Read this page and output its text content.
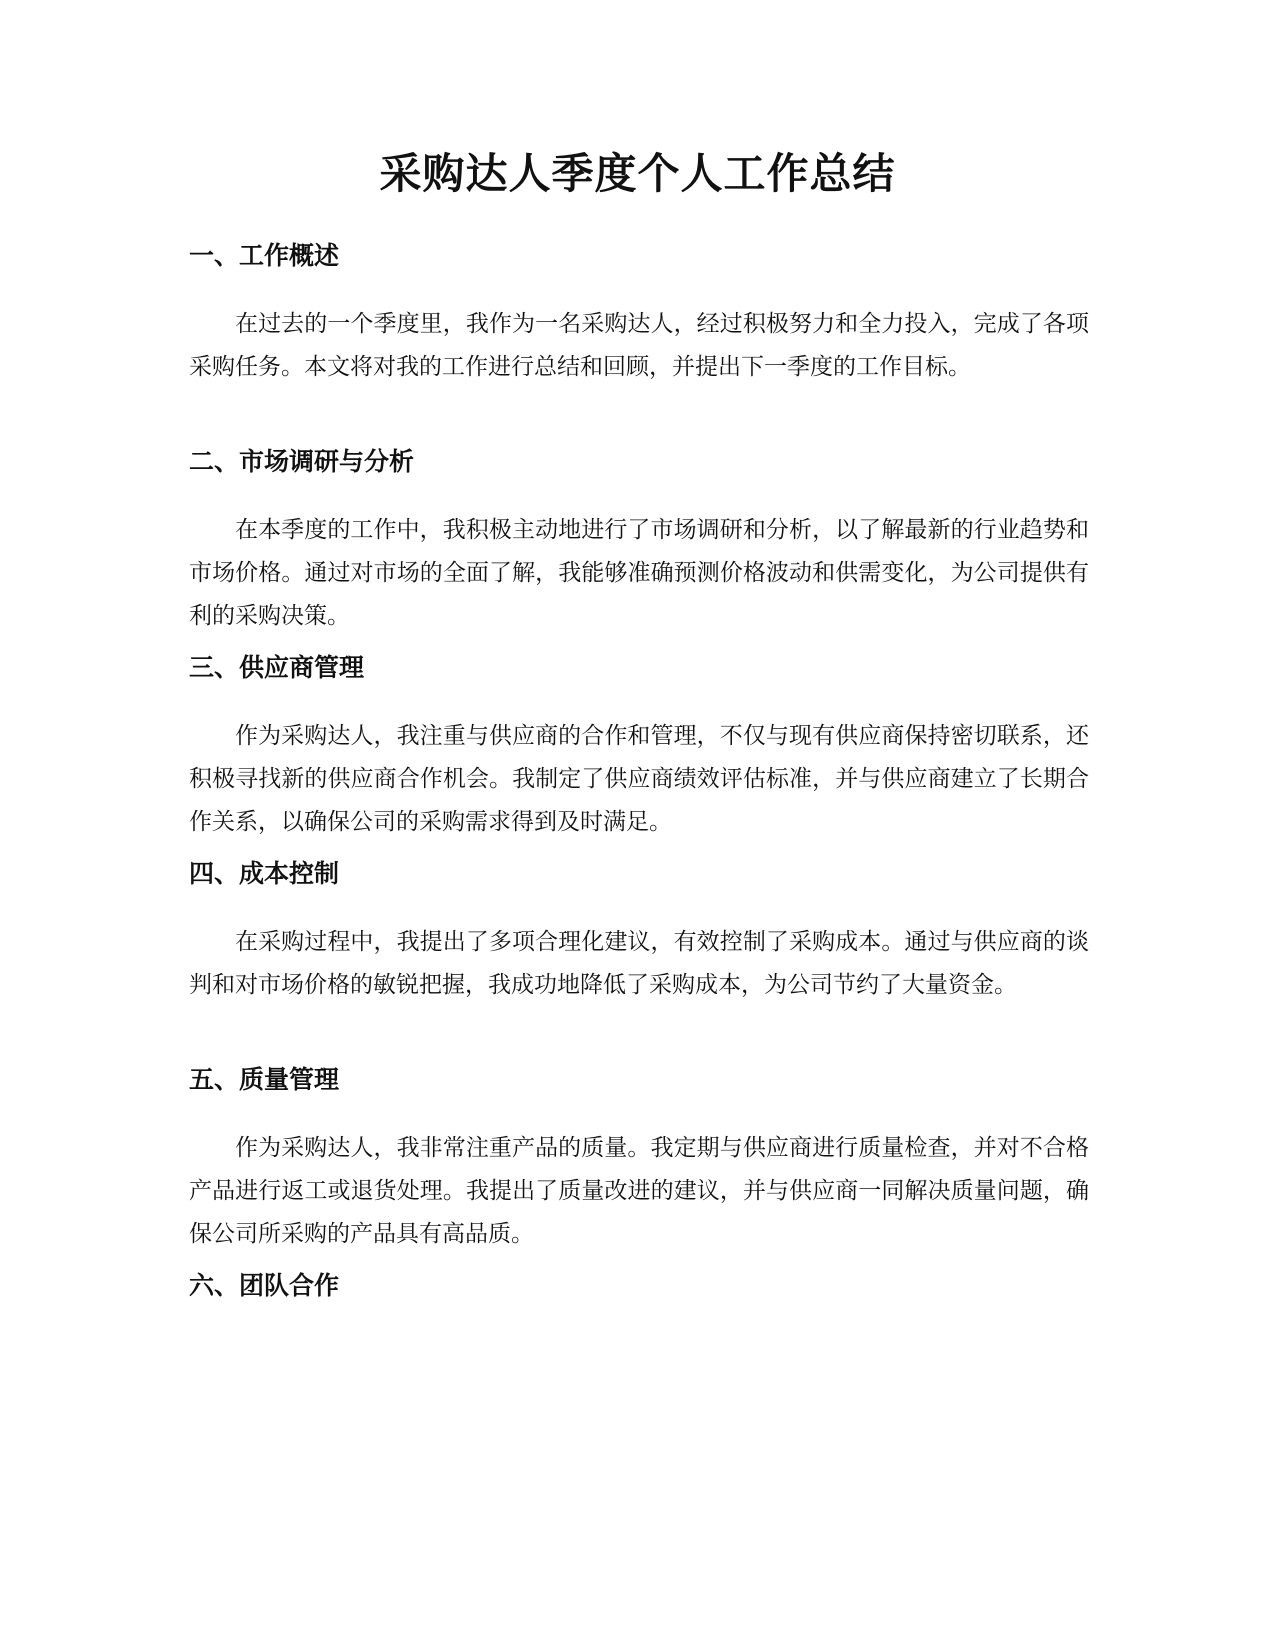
采购达人季度个人工作总结
一、工作概述

在过去的一个季度里，我作为一名采购达人，经过积极努力和全力投入，完成了各项采购任务。本文将对我的工作进行总结和回顾，并提出下一季度的工作目标。

二、市场调研与分析

在本季度的工作中，我积极主动地进行了市场调研和分析，以了解最新的行业趋势和市场价格。通过对市场的全面了解，我能够准确预测价格波动和供需变化，为公司提供有利的采购决策。

三、供应商管理

作为采购达人，我注重与供应商的合作和管理，不仅与现有供应商保持密切联系，还积极寻找新的供应商合作机会。我制定了供应商绩效评估标准，并与供应商建立了长期合作关系，以确保公司的采购需求得到及时满足。

四、成本控制

在采购过程中，我提出了多项合理化建议，有效控制了采购成本。通过与供应商的谈判和对市场价格的敏锐把握，我成功地降低了采购成本，为公司节约了大量资金。

五、质量管理

作为采购达人，我非常注重产品的质量。我定期与供应商进行质量检查，并对不合格产品进行返工或退货处理。我提出了质量改进的建议，并与供应商一同解决质量问题，确保公司所采购的产品具有高品质。

六、团队合作
